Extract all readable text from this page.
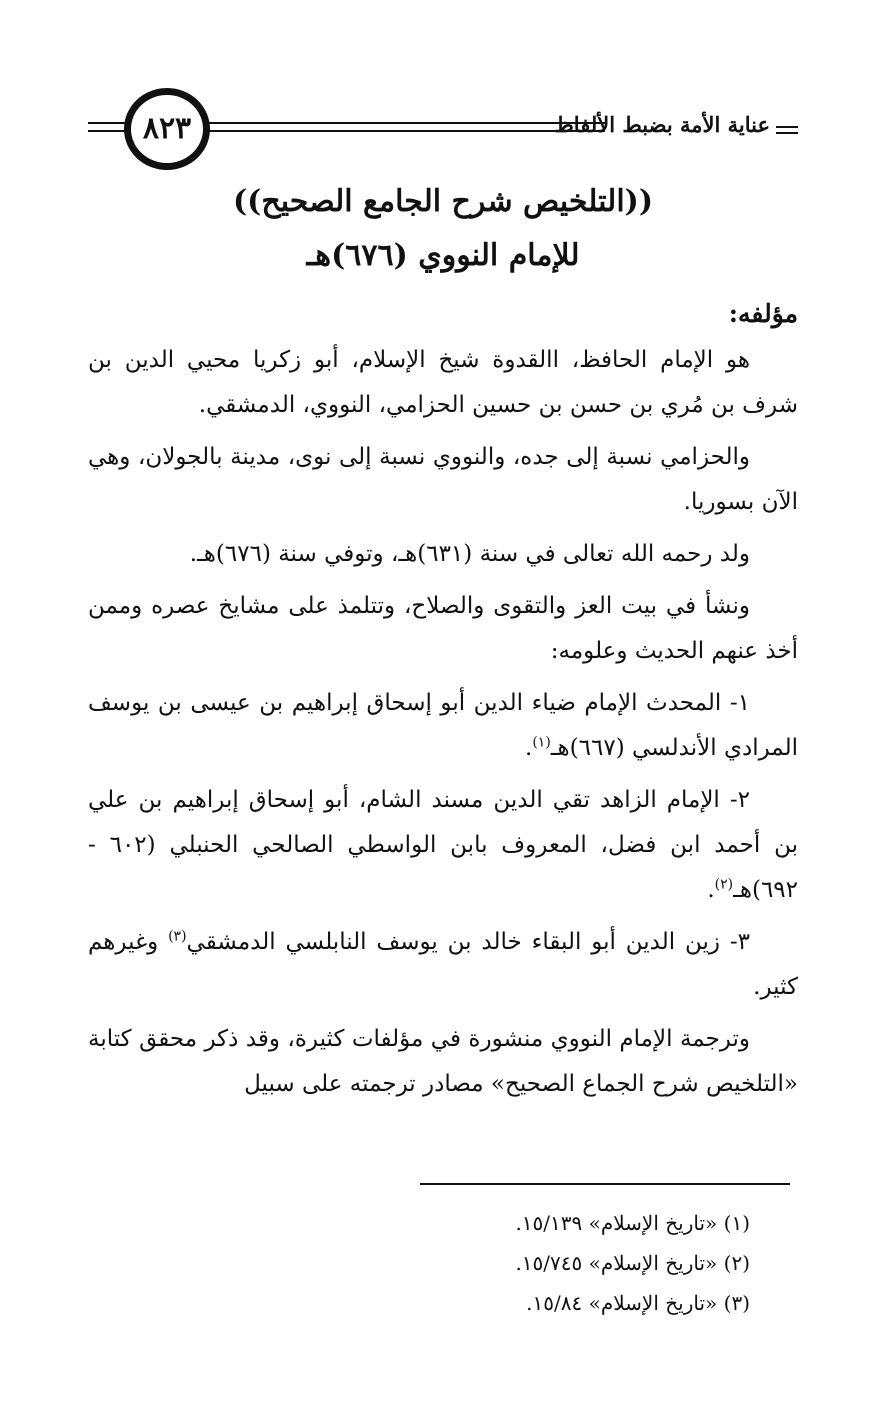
عناية الأمة بضبط الألفاظ
٨٢٣
((التلخيص شرح الجامع الصحيح))
للإمام النووي (٦٧٦)هـ
مؤلفه:

هو الإمام الحافظ، االقدوة شيخ الإسلام، أبو زكريا محيي الدين بن شرف بن مُري بن حسن بن حسين الحزامي، النووي، الدمشقي.

والحزامي نسبة إلى جده، والنووي نسبة إلى نوى، مدينة بالجولان، وهي الآن بسوريا.

ولد رحمه الله تعالى في سنة (٦٣١)هـ، وتوفي سنة (٦٧٦)هـ.

ونشأ في بيت العز والتقوى والصلاح، وتتلمذ على مشايخ عصره وممن أخذ عنهم الحديث وعلومه:

١- المحدث الإمام ضياء الدين أبو إسحاق إبراهيم بن عيسى بن يوسف المرادي الأندلسي (٦٦٧)هـ$^{(١)}$.

٢- الإمام الزاهد تقي الدين مسند الشام، أبو إسحاق إبراهيم بن علي بن أحمد ابن فضل، المعروف بابن الواسطي الصالحي الحنبلي (٦٠٢ - ٦٩٢)هـ$^{(٢)}$.

٣- زين الدين أبو البقاء خالد بن يوسف النابلسي الدمشقي$^{(٣)}$ وغيرهم كثير.

وترجمة الإمام النووي منشورة في مؤلفات كثيرة، وقد ذكر محقق كتابة «التلخيص شرح الجماع الصحيح» مصادر ترجمته على سبيل

(١) «تاريخ الإسلام» ١٥/١٣٩.
(٢) «تاريخ الإسلام» ١٥/٧٤٥.
(٣) «تاريخ الإسلام» ١٥/٨٤.
